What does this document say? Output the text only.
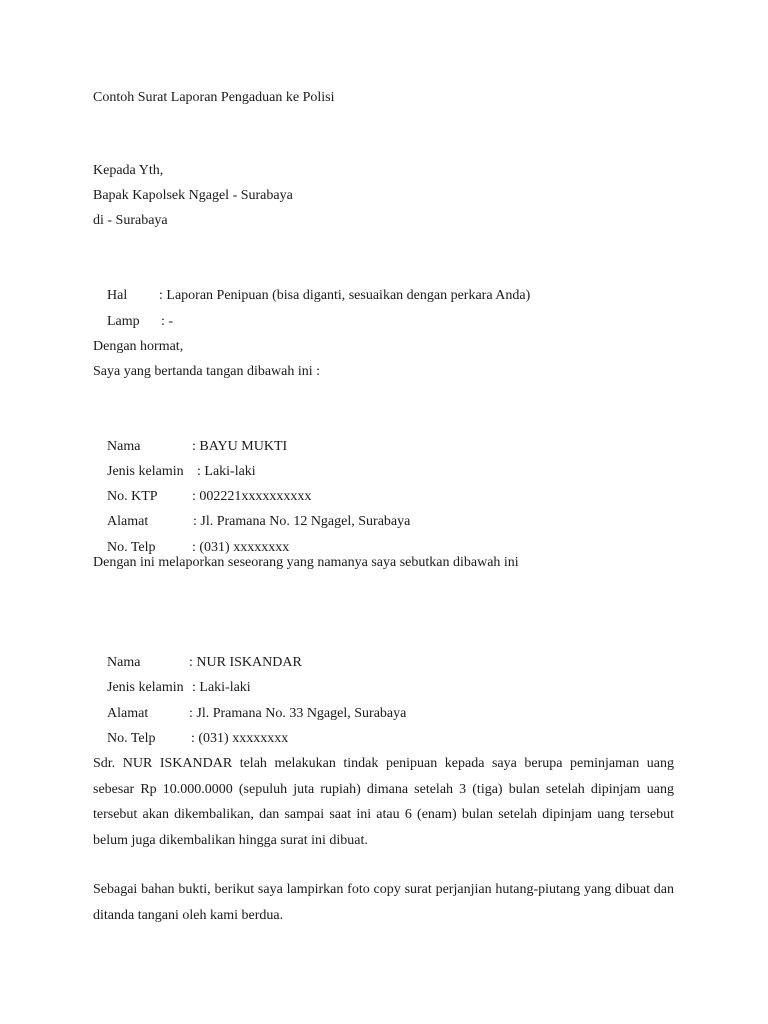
Contoh Surat Laporan Pengaduan ke Polisi
Kepada Yth,
Bapak Kapolsek Ngagel - Surabaya
di - Surabaya

Hal : Laporan Penipuan (bisa diganti, sesuaikan dengan perkara Anda)

Lamp : -

Dengan hormat,
Saya yang bertanda tangan dibawah ini :

Nama	: BAYU MUKTI

Jenis kelamin : Laki-laki

No. KTP : 002221xxxxxxxxxx

Alamat	: Jl. Pramana No. 12 Ngagel, Surabaya

No. Telp	: (031) xxxxxxxx

Dengan ini melaporkan seseorang yang namanya saya sebutkan dibawah ini

Nama	: NUR ISKANDAR

Jenis kelamin : Laki-laki

Alamat	: Jl. Pramana No. 33 Ngagel, Surabaya

No. Telp	: (031) xxxxxxxx

Sdr. NUR ISKANDAR telah melakukan tindak penipuan kepada saya berupa peminjaman uang sebesar Rp 10.000.0000 (sepuluh juta rupiah) dimana setelah 3 (tiga) bulan setelah dipinjam uang tersebut akan dikembalikan, dan sampai saat ini atau 6 (enam) bulan setelah dipinjam uang tersebut belum juga dikembalikan hingga surat ini dibuat.
Sebagai bahan bukti, berikut saya lampirkan foto copy surat perjanjian hutang-piutang yang dibuat dan ditanda tangani oleh kami berdua.
